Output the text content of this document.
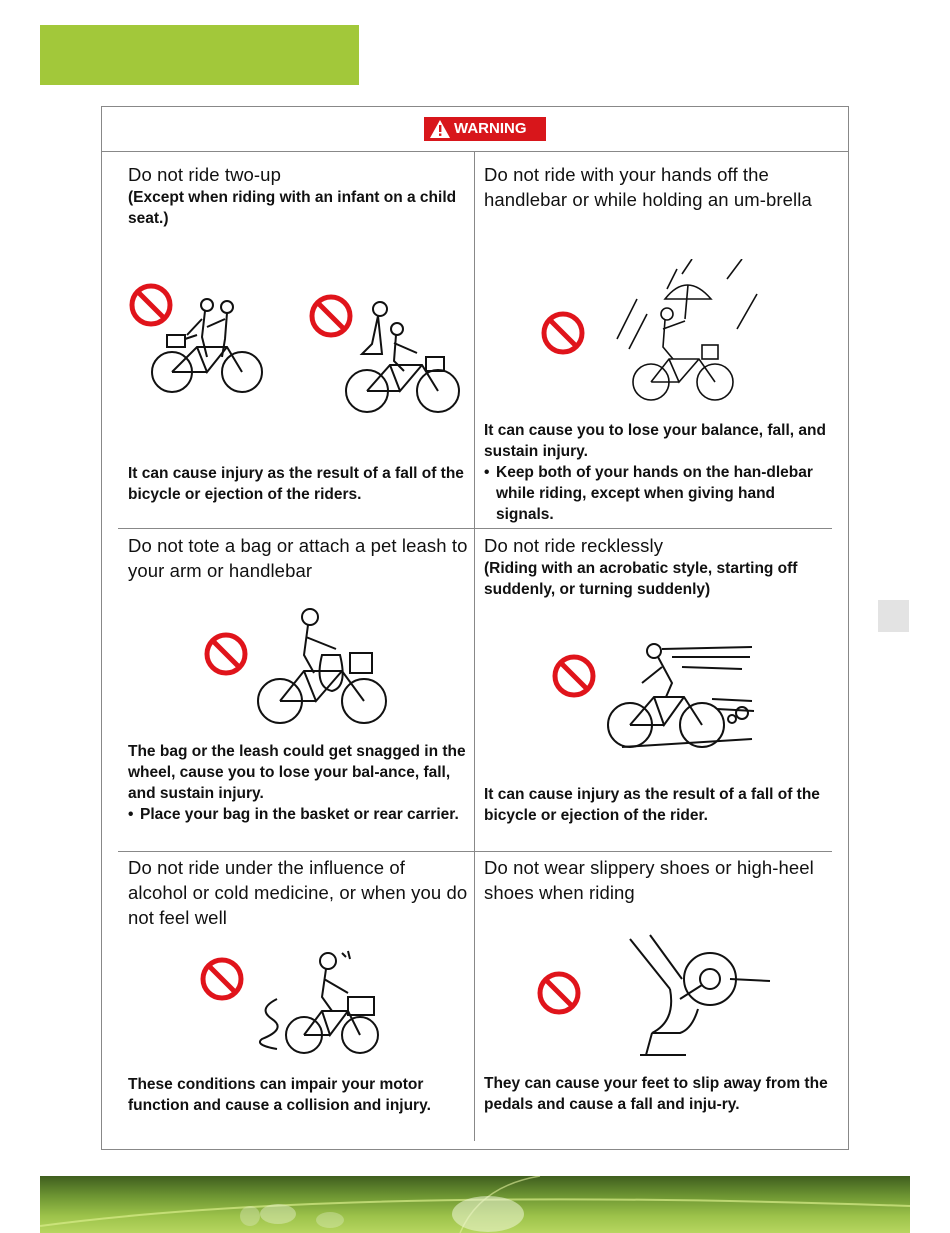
WARNING

Do not ride two-up

(Except when riding with an infant on a child seat.)

It can cause injury as the result of a fall of the bicycle or ejection of the riders.

Do not ride with your hands off the handlebar or while holding an um-brella

It can cause you to lose your balance, fall, and sustain injury.

• Keep both of your hands on the han-dlebar while riding, except when giving hand signals.

Do not tote a bag or attach a pet leash to your arm or handlebar

The bag or the leash could get snagged in the wheel, cause you to lose your bal-ance, fall, and sustain injury.

• Place your bag in the basket or rear carrier.

Do not ride recklessly

(Riding with an acrobatic style, starting off suddenly, or turning suddenly)

It can cause injury as the result of a fall of the bicycle or ejection of the rider.

Do not ride under the influence of alcohol or cold medicine, or when you do not feel well

These conditions can impair your motor function and cause a collision and injury.

Do not wear slippery shoes or high-heel shoes when riding

They can cause your feet to slip away from the pedals and cause a fall and inju-ry.
